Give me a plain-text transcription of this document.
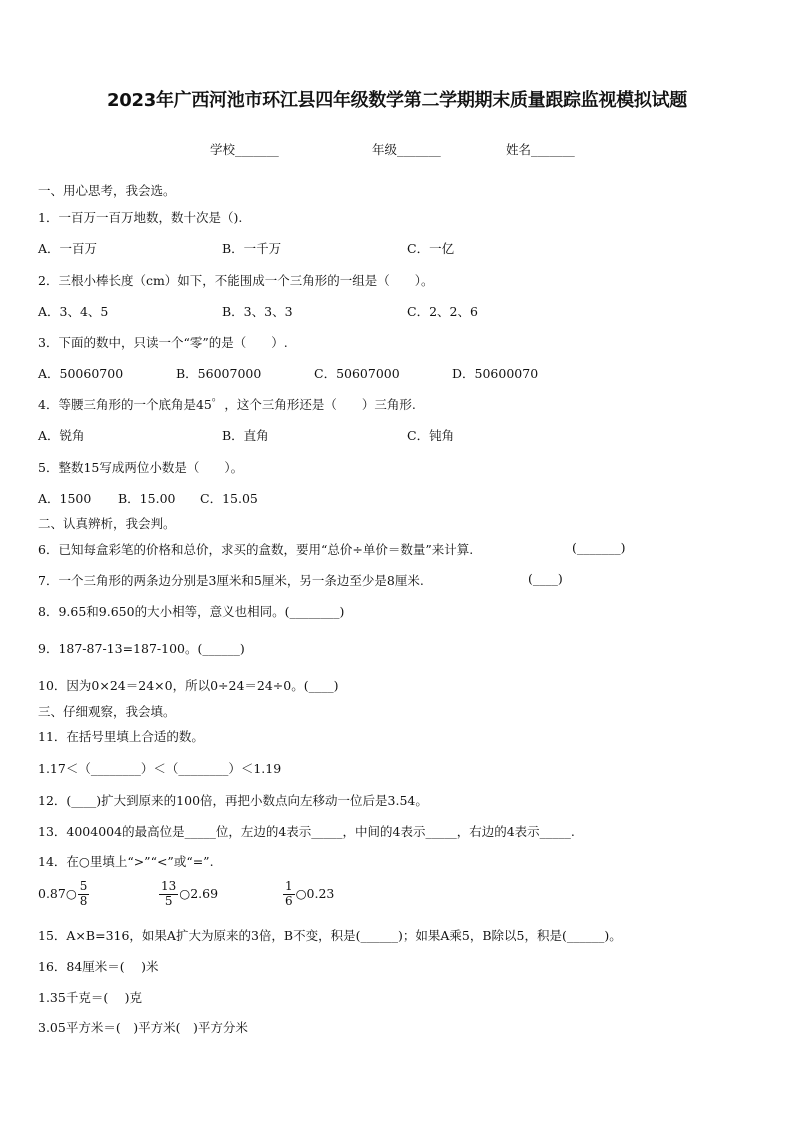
2023年广西河池市环江县四年级数学第二学期期末质量跟踪监视模拟试题
学校_______	年级_______	姓名_______
一、用心思考，我会选。
1．一百万一百万地数，数十次是（).
A．一百万	B．一千万	C．一亿
2．三根小棒长度（cm）如下，不能围成一个三角形的一组是（　　）。
A．3、4、5	B．3、3、3	C．2、2、6
3．下面的数中，只读一个“零”的是（　　）.
A．50060700	B．56007000	C．50607000	D．50600070
4．等腰三角形的一个底角是45゜，这个三角形还是（　　）三角形.
A．锐角	B．直角	C．钝角
5．整数15写成两位小数是（　　）。
A．1500 B．15.00 C．15.05
二、认真辨析，我会判。
6．已知每盒彩笔的价格和总价，求买的盒数，要用“总价÷单价＝数量”来计算.	(_______)
7．一个三角形的两条边分别是3厘米和5厘米，另一条边至少是8厘米.	(____)
8．9.65和9.650的大小相等，意义也相同。(________)
9．187-87-13=187-100。(______)
10．因为0×24＝24×0，所以0÷24＝24÷0。(____)
三、仔细观察，我会填。
11．在括号里填上合适的数。
1.17＜（________）＜（________）＜1.19
12．(____)扩大到原来的100倍，再把小数点向左移动一位后是3.54。
13．4004004的最高位是_____位，左边的4表示_____，中间的4表示_____，右边的4表示_____.
14．在○里填上“>”“<”或“=”.
0.87○ $\frac{5}{8}$	$\frac{13}{5}$ ○2.69	$\frac{1}{6}$ ○0.23
15．A×B=316，如果A扩大为原来的3倍，B不变，积是(______)；如果A乘5，B除以5，积是(______)。
16．84厘米＝(　 )米
1.35千克＝(　 )克
3.05平方米＝(　)平方米(　)平方分米
